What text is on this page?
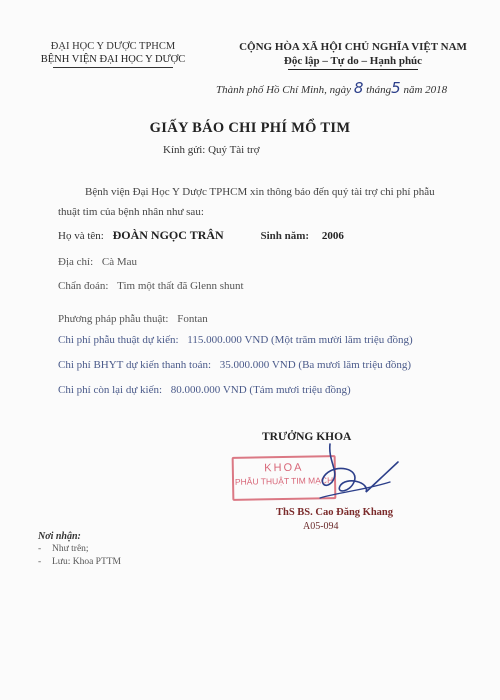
ĐẠI HỌC Y DƯỢC TPHCM
BỆNH VIỆN ĐẠI HỌC Y DƯỢC
CỘNG HÒA XÃ HỘI CHỦ NGHĨA VIỆT NAM
Độc lập – Tự do – Hạnh phúc
Thành phố Hồ Chí Minh, ngày 8 tháng5 năm 2018
GIẤY BÁO CHI PHÍ MỔ TIM
Kính gửi: Quý Tài trợ
Bệnh viện Đại Học Y Dược TPHCM xin thông báo đến quý tài trợ chi phí phẫu thuật tim của bệnh nhân như sau:
Họ và tên: ĐOÀN NGỌC TRÂN	Sinh năm: 2006
Địa chỉ: Cà Mau
Chẩn đoán: Tim một thất đã Glenn shunt
Phương pháp phẫu thuật: Fontan
Chi phí phẫu thuật dự kiến: 115.000.000 VND (Một trăm mười lăm triệu đồng)
Chi phí BHYT dự kiến thanh toán: 35.000.000 VND (Ba mươi lăm triệu đồng)
Chi phí còn lại dự kiến: 80.000.000 VND (Tám mươi triệu đồng)
TRƯỞNG KHOA
KHOA
PHẪU THUẬT TIM MẠCH
ThS BS. Cao Đăng Khang
A05-094
Nơi nhận:
- Như trên;
- Lưu: Khoa PTTM
